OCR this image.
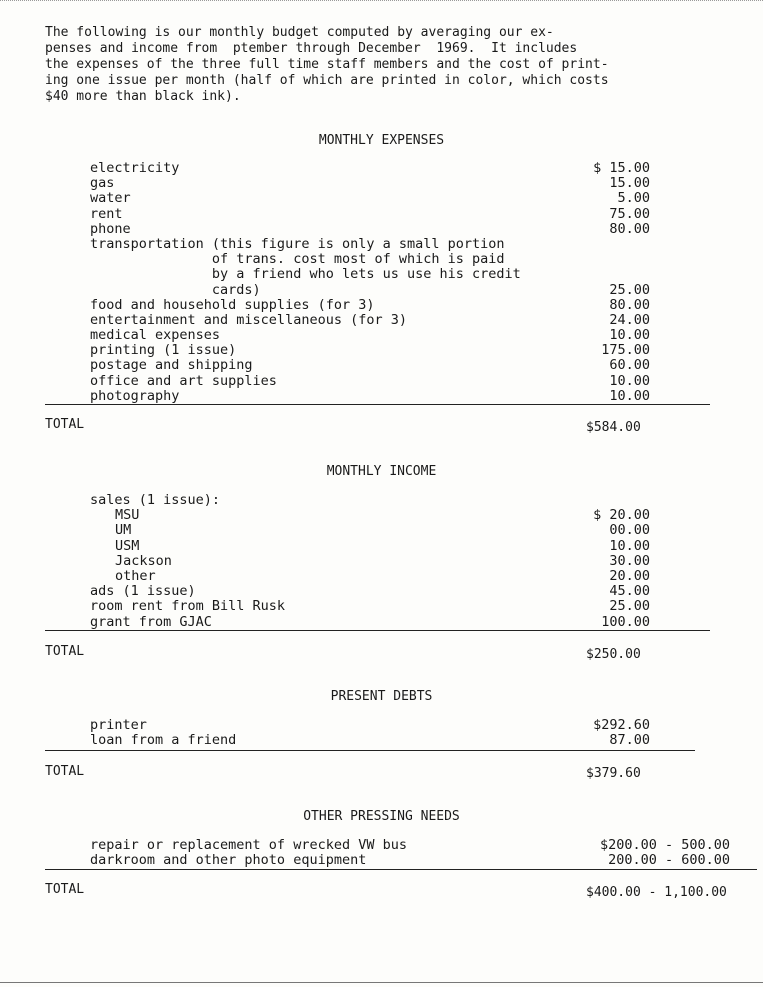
The following is our monthly budget computed by averaging our ex-
penses and income from  ptember through December  1969.  It includes
the expenses of the three full time staff members and the cost of print-
ing one issue per month (half of which are printed in color, which costs
$40 more than black ink).

MONTHLY EXPENSES
electricity	$ 15.00
gas	15.00
water	5.00
rent	75.00
phone	80.00
transportation (this figure is only a small portion
of trans. cost most of which is paid
by a friend who lets us use his credit
cards)	25.00
food and household supplies (for 3)	80.00
entertainment and miscellaneous (for 3)	24.00
medical expenses	10.00
printing (1 issue)	175.00
postage and shipping	60.00
office and art supplies	10.00
photography	10.00
TOTAL	$584.00
MONTHLY INCOME
sales (1 issue):
MSU	$ 20.00
UM	00.00
USM	10.00
Jackson	30.00
other	20.00
ads (1 issue)	45.00
room rent from Bill Rusk	25.00
grant from GJAC	100.00
TOTAL	$250.00
PRESENT DEBTS
printer	$292.60
loan from a friend	87.00
TOTAL	$379.60
OTHER PRESSING NEEDS
repair or replacement of wrecked VW bus	$200.00 - 500.00
darkroom and other photo equipment	200.00 - 600.00
TOTAL	$400.00 - 1,100.00
